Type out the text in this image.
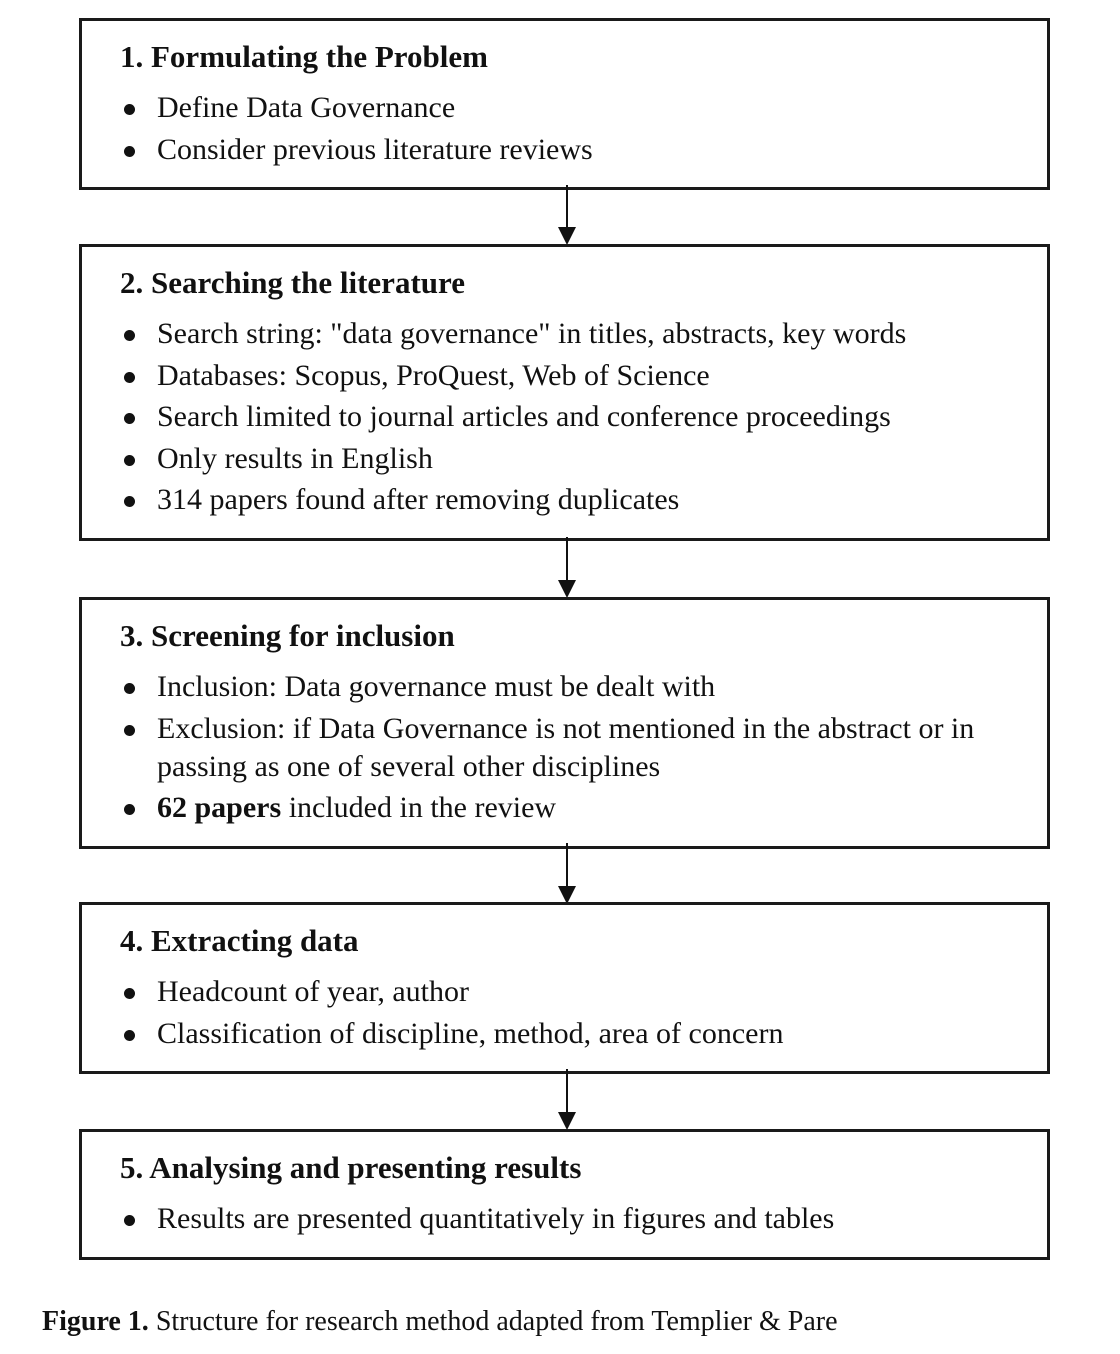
1. Formulating the Problem
Define Data Governance
Consider previous literature reviews
2. Searching the literature
Search string: "data governance" in titles, abstracts, key words
Databases: Scopus, ProQuest, Web of Science
Search limited to journal articles and conference proceedings
Only results in English
314 papers found after removing duplicates
3. Screening for inclusion
Inclusion: Data governance must be dealt with
Exclusion: if Data Governance is not mentioned in the abstract or in passing as one of several other disciplines
62 papers included in the review
4. Extracting data
Headcount of year, author
Classification of discipline, method, area of concern
5. Analysing and presenting results
Results are presented quantitatively in figures and tables
Figure 1. Structure for research method adapted from Templier & Pare
